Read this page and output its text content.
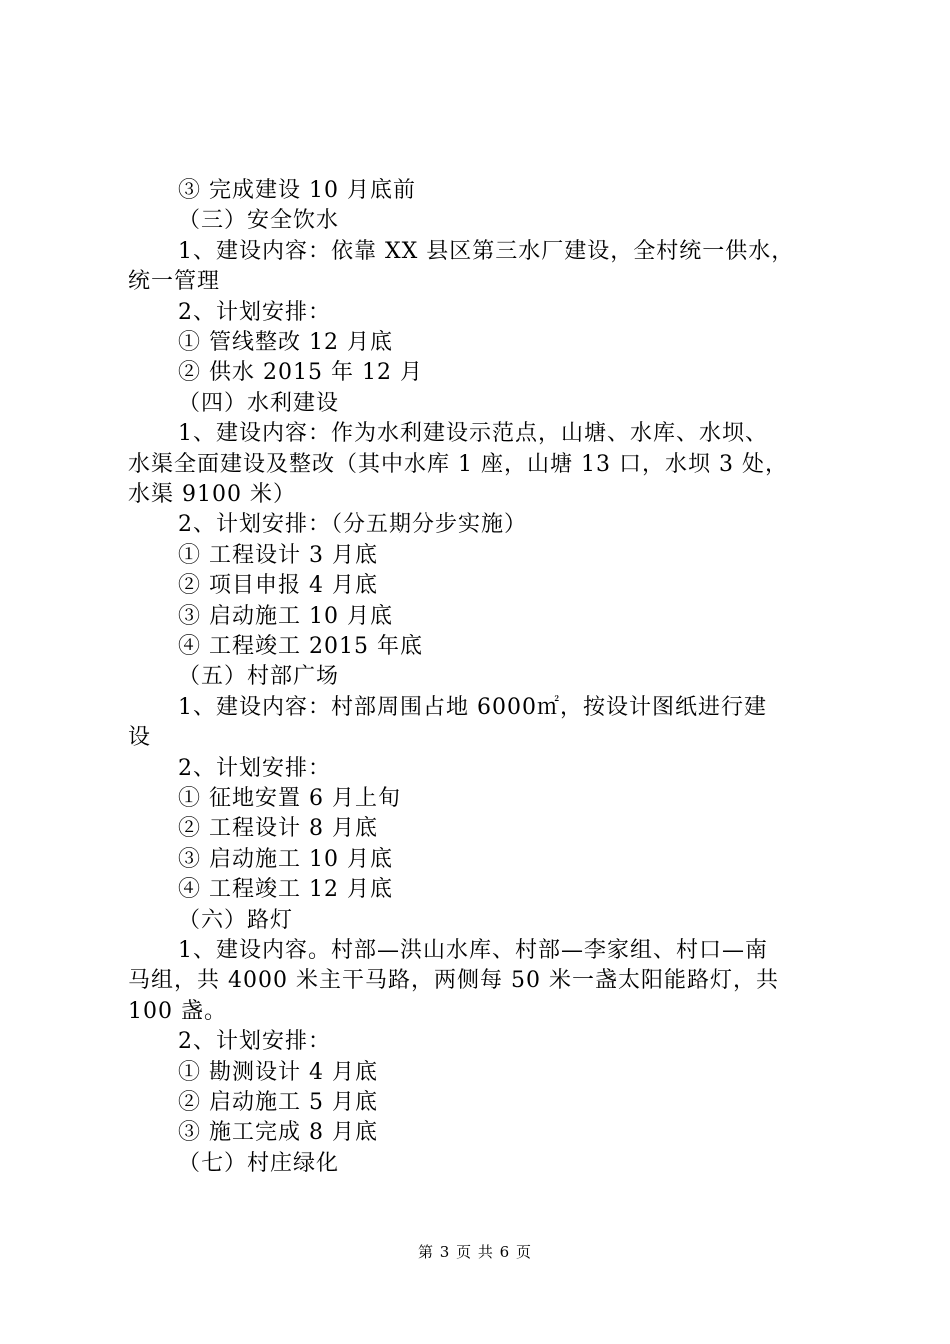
③ 完成建设 10 月底前
（三）安全饮水
1、建设内容：依靠 XX 县区第三水厂建设，全村统一供水，
统一管理
2、计划安排：
① 管线整改 12 月底
② 供水 2015 年 12 月
（四）水利建设
1、建设内容：作为水利建设示范点，山塘、水库、水坝、
水渠全面建设及整改（其中水库 1 座，山塘 13 口，水坝 3 处，
水渠 9100 米）
2、计划安排：（分五期分步实施）
① 工程设计 3 月底
② 项目申报 4 月底
③ 启动施工 10 月底
④ 工程竣工 2015 年底
（五）村部广场
1、建设内容：村部周围占地 6000㎡，按设计图纸进行建
设
2、计划安排：
① 征地安置 6 月上旬
② 工程设计 8 月底
③ 启动施工 10 月底
④ 工程竣工 12 月底
（六）路灯
1、建设内容。村部—洪山水库、村部—李家组、村口—南
马组，共 4000 米主干马路，两侧每 50 米一盏太阳能路灯，共
100 盏。
2、计划安排：
① 勘测设计 4 月底
② 启动施工 5 月底
③ 施工完成 8 月底
（七）村庄绿化
第 3 页 共 6 页
